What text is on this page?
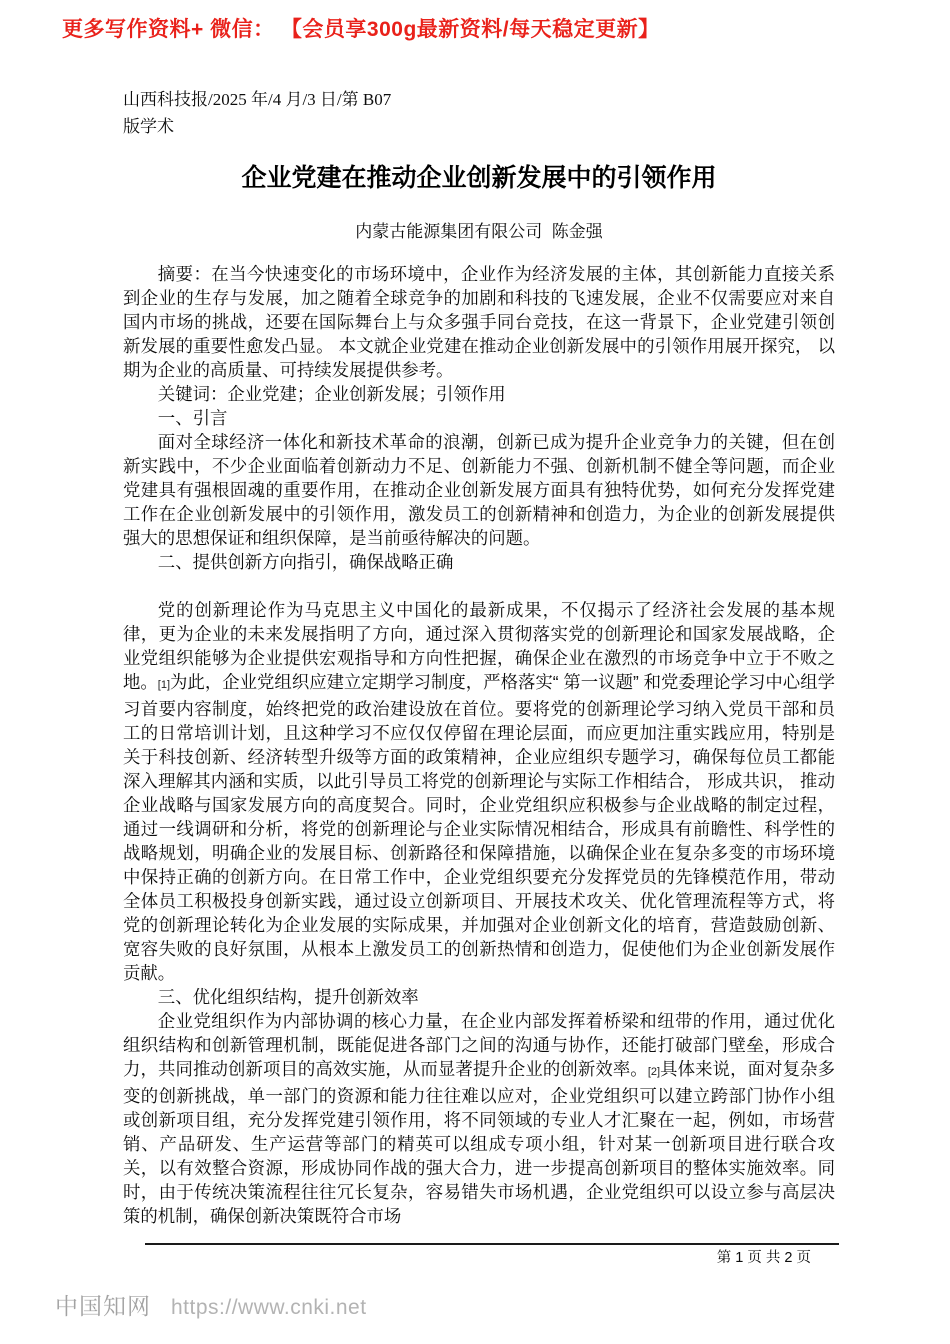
更多写作资料+ 微信： 【会员享300g最新资料/每天稳定更新】
山西科技报/2025 年/4 月/3 日/第 B07
版学术
企业党建在推动企业创新发展中的引领作用
内蒙古能源集团有限公司  陈金强

摘要：在当今快速变化的市场环境中，企业作为经济发展的主体，其创新能力直接关系到企业的生存与发展，加之随着全球竞争的加剧和科技的飞速发展，企业不仅需要应对来自国内市场的挑战，还要在国际舞台上与众多强手同台竞技，在这一背景下，企业党建引领创新发展的重要性愈发凸显。 本文就企业党建在推动企业创新发展中的引领作用展开探究， 以期为企业的高质量、可持续发展提供参考。

关键词：企业党建；企业创新发展；引领作用

一、引言

面对全球经济一体化和新技术革命的浪潮，创新已成为提升企业竞争力的关键，但在创新实践中，不少企业面临着创新动力不足、创新能力不强、创新机制不健全等问题，而企业党建具有强根固魂的重要作用，在推动企业创新发展方面具有独特优势，如何充分发挥党建工作在企业创新发展中的引领作用，激发员工的创新精神和创造力，为企业的创新发展提供强大的思想保证和组织保障，是当前亟待解决的问题。

二、提供创新方向指引，确保战略正确

党的创新理论作为马克思主义中国化的最新成果，不仅揭示了经济社会发展的基本规律，更为企业的未来发展指明了方向，通过深入贯彻落实党的创新理论和国家发展战略，企业党组织能够为企业提供宏观指导和方向性把握，确保企业在激烈的市场竞争中立于不败之地。[1]为此，企业党组织应建立定期学习制度，严格落实“ 第一议题” 和党委理论学习中心组学习首要内容制度，始终把党的政治建设放在首位。要将党的创新理论学习纳入党员干部和员工的日常培训计划，且这种学习不应仅仅停留在理论层面，而应更加注重实践应用，特别是关于科技创新、经济转型升级等方面的政策精神，企业应组织专题学习，确保每位员工都能深入理解其内涵和实质，以此引导员工将党的创新理论与实际工作相结合， 形成共识， 推动企业战略与国家发展方向的高度契合。同时，企业党组织应积极参与企业战略的制定过程，通过一线调研和分析，将党的创新理论与企业实际情况相结合，形成具有前瞻性、科学性的战略规划，明确企业的发展目标、创新路径和保障措施，以确保企业在复杂多变的市场环境中保持正确的创新方向。在日常工作中，企业党组织要充分发挥党员的先锋模范作用，带动全体员工积极投身创新实践，通过设立创新项目、开展技术攻关、优化管理流程等方式，将党的创新理论转化为企业发展的实际成果，并加强对企业创新文化的培育，营造鼓励创新、宽容失败的良好氛围，从根本上激发员工的创新热情和创造力，促使他们为企业创新发展作贡献。

三、优化组织结构，提升创新效率

企业党组织作为内部协调的核心力量，在企业内部发挥着桥梁和纽带的作用，通过优化组织结构和创新管理机制，既能促进各部门之间的沟通与协作，还能打破部门壁垒，形成合力，共同推动创新项目的高效实施，从而显著提升企业的创新效率。[2]具体来说，面对复杂多变的创新挑战，单一部门的资源和能力往往难以应对，企业党组织可以建立跨部门协作小组或创新项目组，充分发挥党建引领作用，将不同领域的专业人才汇聚在一起，例如，市场营销、产品研发、生产运营等部门的精英可以组成专项小组，针对某一创新项目进行联合攻关，以有效整合资源，形成协同作战的强大合力，进一步提高创新项目的整体实施效率。同时，由于传统决策流程往往冗长复杂，容易错失市场机遇，企业党组织可以设立参与高层决策的机制，确保创新决策既符合市场

第 1 页 共 2 页
中国知网 https://www.cnki.net
